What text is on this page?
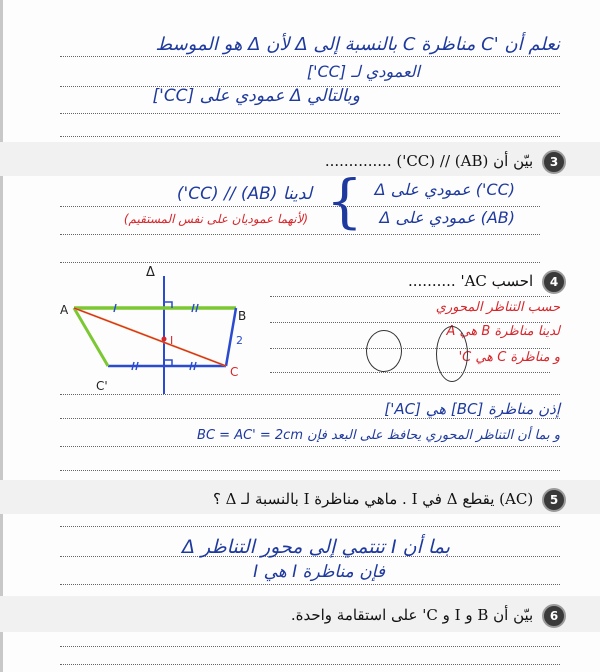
نعلم أن 'C مناظرة C بالنسبة إلى Δ لأن Δ هو الموسط
العمودي لـ [CC']
وبالتالي Δ عمودي على [CC']
3 بيّن أن (AB) // (CC') ..............
{ (CC') عمودي على Δ
(AB) عمودي على Δ
لدينا (AB) // (CC')
(لأنهما عموديان على نفس المستقيم)
4 احسب AC' ..........
حسب التناظر المحوري
لدينا مناظرة B هي A
و مناظرة C هي C'
إذن مناظرة [BC] هي [AC']
و بما أن التناظر المحوري يحافظ على البعد فإن BC = AC' = 2cm
Δ
A	B
C
C'
I	2
5 (AC) يقطع Δ في I . ماهي مناظرة I بالنسبة لـ Δ ؟
بما أن I تنتمي إلى محور التناظر Δ
فإن مناظرة I هي I
6 بيّن أن B و I و C' على استقامة واحدة.
